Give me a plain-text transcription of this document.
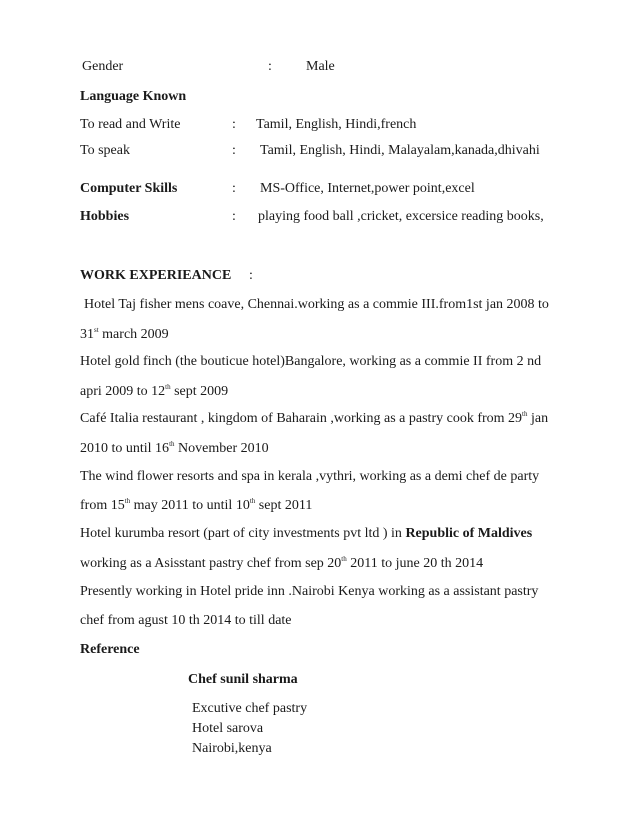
Gender	: Male
Language Known
To read and Write	: Tamil, English, Hindi,french
To speak	: Tamil, English, Hindi, Malayalam,kanada,dhivahi
Computer Skills	: MS-Office, Internet,power point,excel
Hobbies	: playing food ball ,cricket, excersice reading books,
WORK EXPERIEANCE :
Hotel Taj fisher mens coave, Chennai.working as a commie III.from1st jan 2008 to
31st march 2009
Hotel gold finch (the bouticue hotel)Bangalore, working as a commie II from 2 nd
apri 2009 to 12th sept 2009
Café Italia restaurant , kingdom of Baharain ,working as a pastry cook from 29th jan
2010 to until 16th November 2010
The wind flower resorts and spa in kerala ,vythri, working as a demi chef de party
from 15th may 2011 to until 10th sept 2011
Hotel kurumba resort (part of city investments pvt ltd ) in Republic of Maldives
working as a Asisstant pastry chef from sep 20th 2011 to june 20 th 2014
Presently working in Hotel pride inn .Nairobi Kenya working as a assistant pastry
chef from agust 10 th 2014 to till date
Reference
Chef sunil sharma
Excutive chef pastry
Hotel sarova
Nairobi,kenya
